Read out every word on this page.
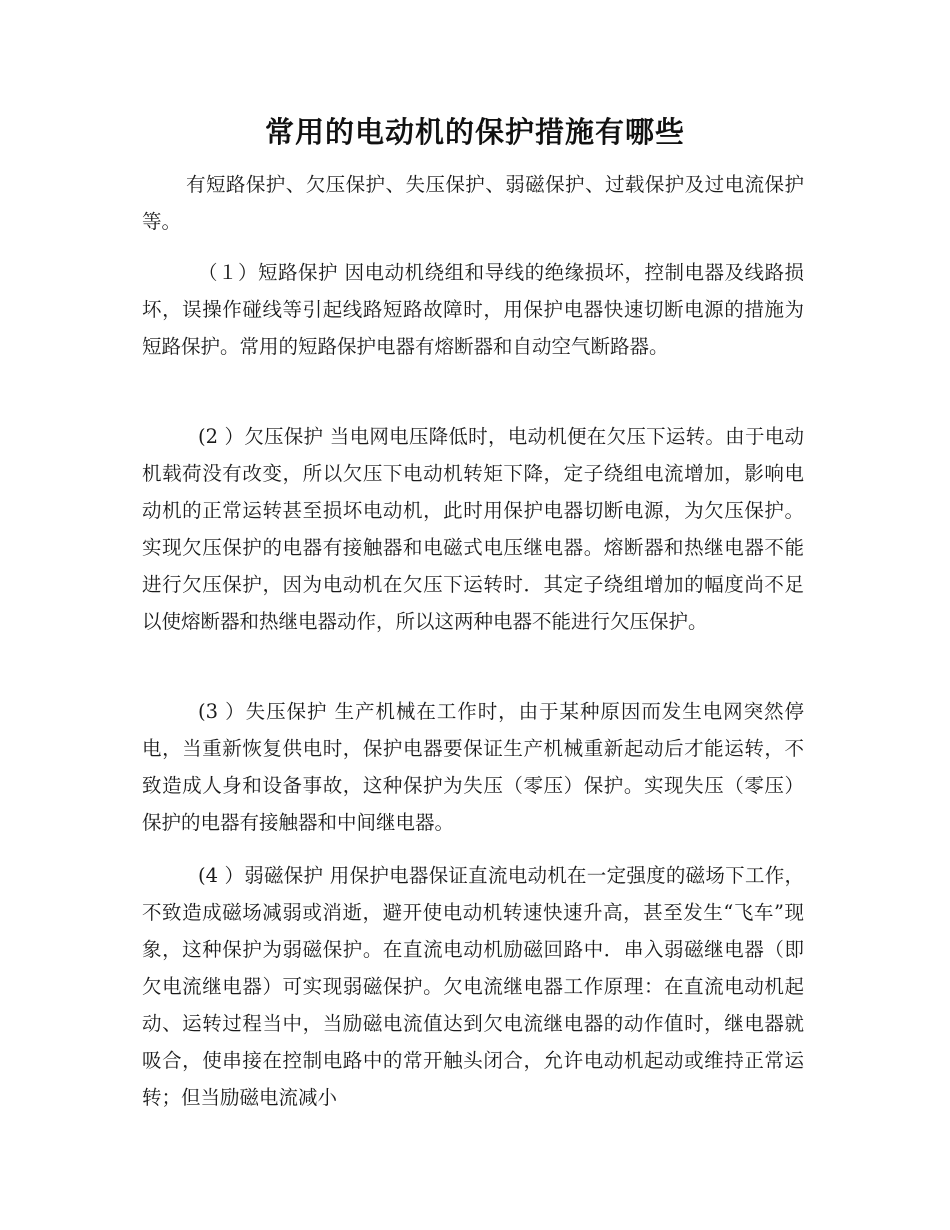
常用的电动机的保护措施有哪些

有短路保护、欠压保护、失压保护、弱磁保护、过载保护及过电流保护等。

（１）短路保护 因电动机绕组和导线的绝缘损坏，控制电器及线路损坏，误操作碰线等引起线路短路故障时，用保护电器快速切断电源的措施为短路保护。常用的短路保护电器有熔断器和自动空气断路器。

(2 ）欠压保护 当电网电压降低时，电动机便在欠压下运转。由于电动机载荷没有改变，所以欠压下电动机转矩下降，定子绕组电流增加，影响电动机的正常运转甚至损坏电动机，此时用保护电器切断电源，为欠压保护。实现欠压保护的电器有接触器和电磁式电压继电器。熔断器和热继电器不能进行欠压保护，因为电动机在欠压下运转时．其定子绕组增加的幅度尚不足以使熔断器和热继电器动作，所以这两种电器不能进行欠压保护。

(3 ）失压保护 生产机械在工作时，由于某种原因而发生电网突然停电，当重新恢复供电时，保护电器要保证生产机械重新起动后才能运转，不致造成人身和设备事故，这种保护为失压（零压）保护。实现失压（零压）保护的电器有接触器和中间继电器。

(4 ）弱磁保护 用保护电器保证直流电动机在一定强度的磁场下工作，不致造成磁场减弱或消逝，避开使电动机转速快速升高，甚至发生“飞车”现象，这种保护为弱磁保护。在直流电动机励磁回路中．串入弱磁继电器（即欠电流继电器）可实现弱磁保护。欠电流继电器工作原理：在直流电动机起动、运转过程当中，当励磁电流值达到欠电流继电器的动作值时，继电器就吸合，使串接在控制电路中的常开触头闭合，允许电动机起动或维持正常运转；但当励磁电流减小
